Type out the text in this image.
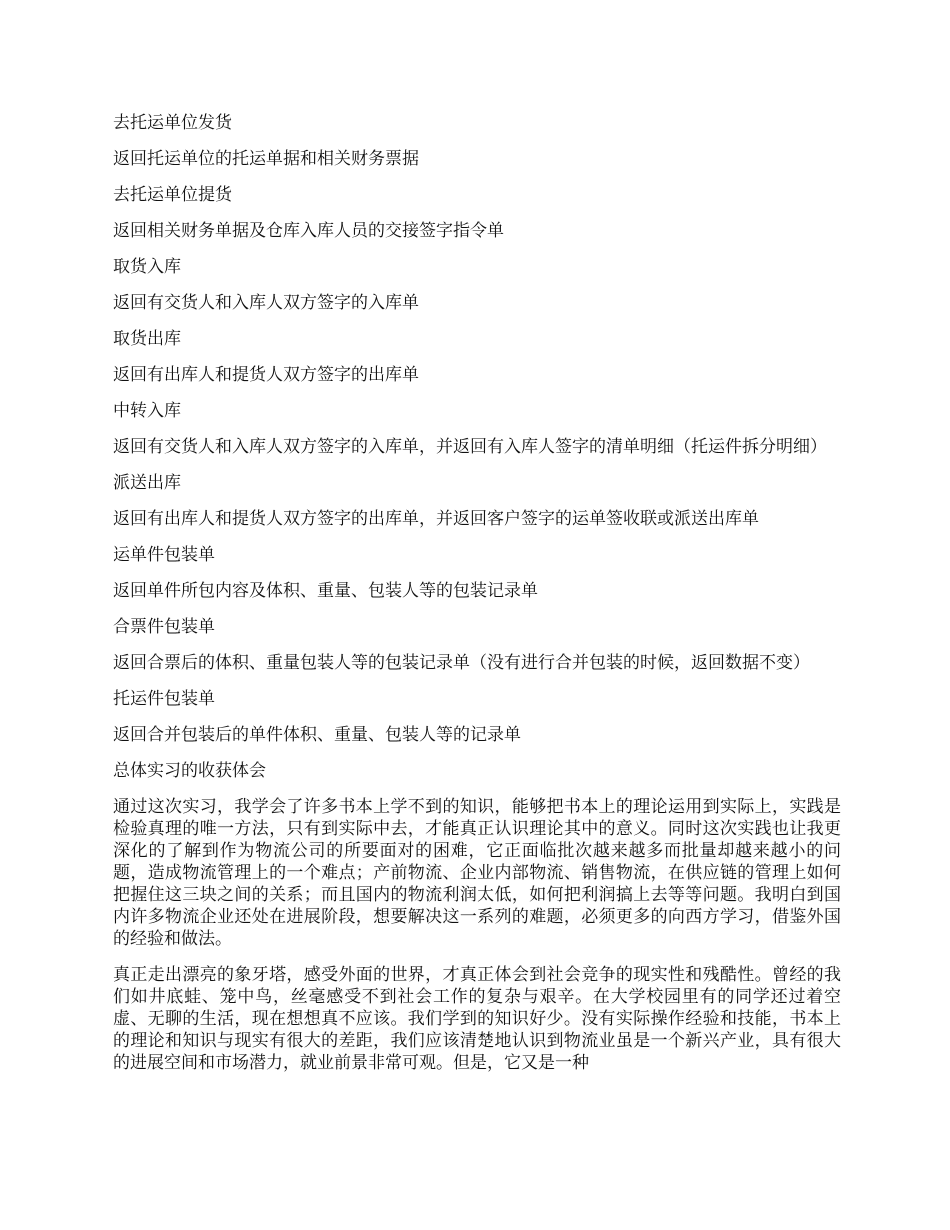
去托运单位发货

返回托运单位的托运单据和相关财务票据

去托运单位提货

返回相关财务单据及仓库入库人员的交接签字指令单

取货入库

返回有交货人和入库人双方签字的入库单

取货出库

返回有出库人和提货人双方签字的出库单

中转入库

返回有交货人和入库人双方签字的入库单，并返回有入库人签字的清单明细（托运件拆分明细）

派送出库

返回有出库人和提货人双方签字的出库单，并返回客户签字的运单签收联或派送出库单

运单件包装单

返回单件所包内容及体积、重量、包装人等的包装记录单

合票件包装单

返回合票后的体积、重量包装人等的包装记录单（没有进行合并包装的时候，返回数据不变）

托运件包装单

返回合并包装后的单件体积、重量、包装人等的记录单

总体实习的收获体会

通过这次实习，我学会了许多书本上学不到的知识，能够把书本上的理论运用到实际上，实践是检验真理的唯一方法，只有到实际中去，才能真正认识理论其中的意义。同时这次实践也让我更深化的了解到作为物流公司的所要面对的困难，它正面临批次越来越多而批量却越来越小的问题，造成物流管理上的一个难点；产前物流、企业内部物流、销售物流，在供应链的管理上如何把握住这三块之间的关系；而且国内的物流利润太低，如何把利润搞上去等等问题。我明白到国内许多物流企业还处在进展阶段，想要解决这一系列的难题，必须更多的向西方学习，借鉴外国的经验和做法。

真正走出漂亮的象牙塔，感受外面的世界，才真正体会到社会竞争的现实性和残酷性。曾经的我们如井底蛙、笼中鸟，丝毫感受不到社会工作的复杂与艰辛。在大学校园里有的同学还过着空虚、无聊的生活，现在想想真不应该。我们学到的知识好少。没有实际操作经验和技能，书本上的理论和知识与现实有很大的差距，我们应该清楚地认识到物流业虽是一个新兴产业，具有很大的进展空间和市场潜力，就业前景非常可观。但是，它又是一种
